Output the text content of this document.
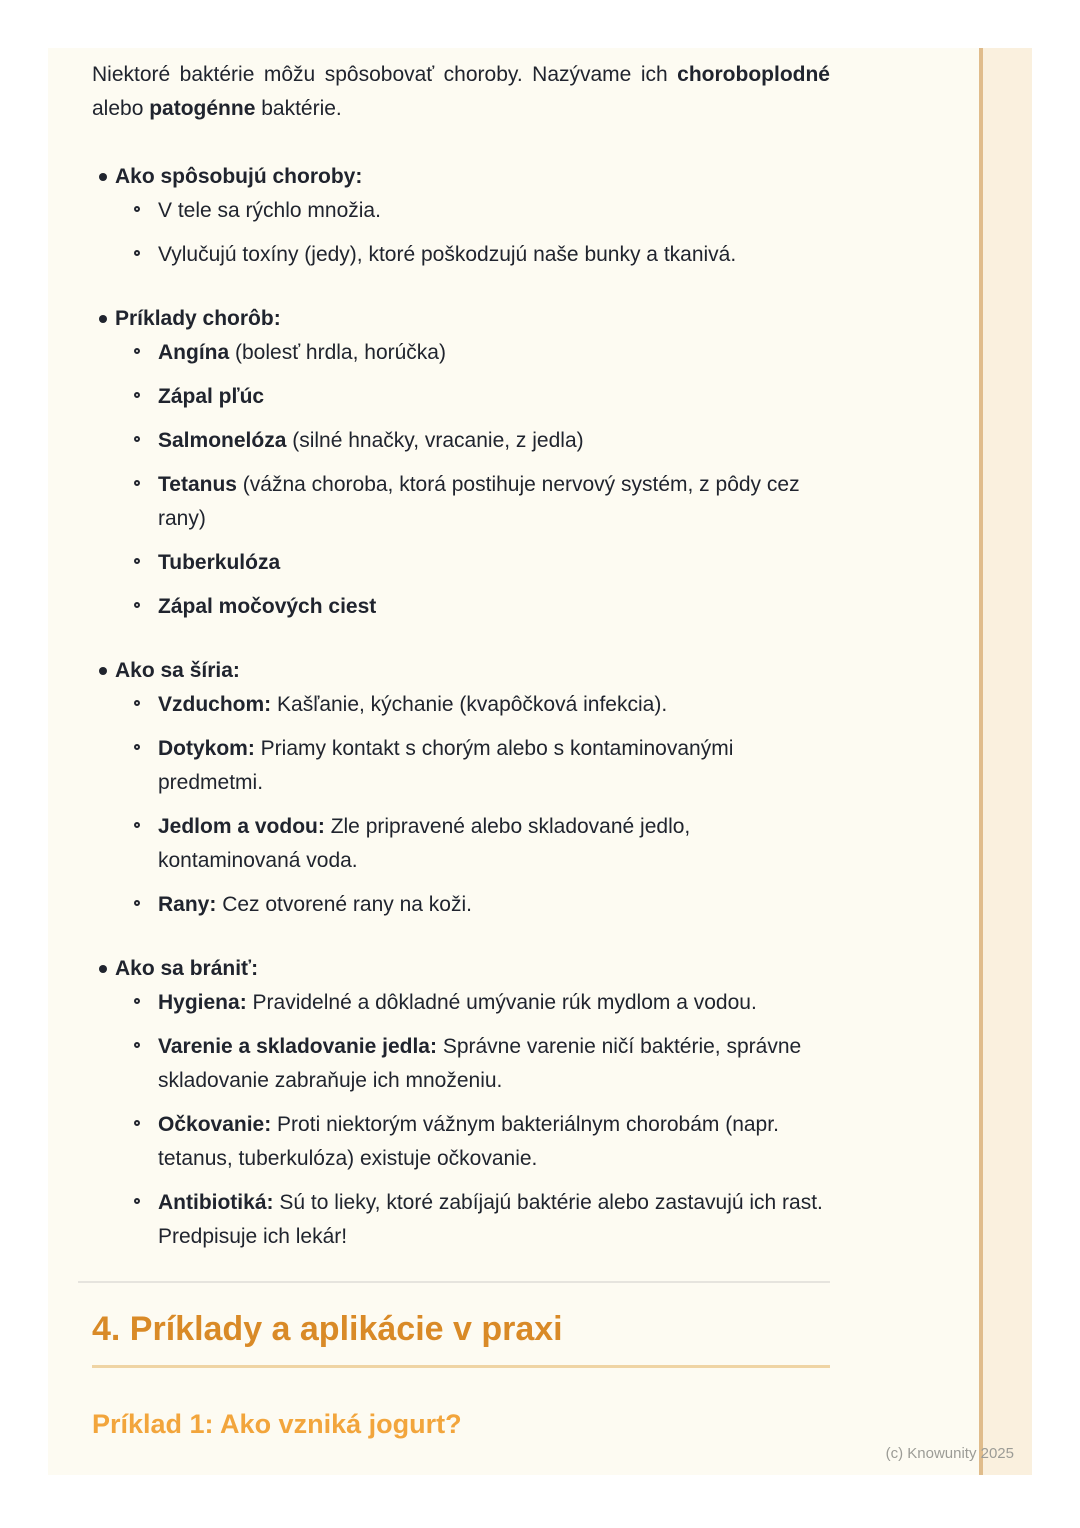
Niektoré baktérie môžu spôsobovať choroby. Nazývame ich choroboplodné alebo patogénne baktérie.

Ako spôsobujú choroby:
V tele sa rýchlo množia.
Vylučujú toxíny (jedy), ktoré poškodzujú naše bunky a tkanivá.
Príklady chorôb:
Angína (bolesť hrdla, horúčka)
Zápal pľúc
Salmonelóza (silné hnačky, vracanie, z jedla)
Tetanus (vážna choroba, ktorá postihuje nervový systém, z pôdy cez rany)
Tuberkulóza
Zápal močových ciest
Ako sa šíria:
Vzduchom: Kašľanie, kýchanie (kvapôčková infekcia).
Dotykom: Priamy kontakt s chorým alebo s kontaminovanými predmetmi.
Jedlom a vodou: Zle pripravené alebo skladované jedlo, kontaminovaná voda.
Rany: Cez otvorené rany na koži.
Ako sa brániť:
Hygiena: Pravidelné a dôkladné umývanie rúk mydlom a vodou.
Varenie a skladovanie jedla: Správne varenie ničí baktérie, správne skladovanie zabraňuje ich množeniu.
Očkovanie: Proti niektorým vážnym bakteriálnym chorobám (napr. tetanus, tuberkulóza) existuje očkovanie.
Antibiotiká: Sú to lieky, ktoré zabíjajú baktérie alebo zastavujú ich rast. Predpisuje ich lekár!
4. Príklady a aplikácie v praxi
Príklad 1: Ako vzniká jogurt?
(c) Knowunity 2025
